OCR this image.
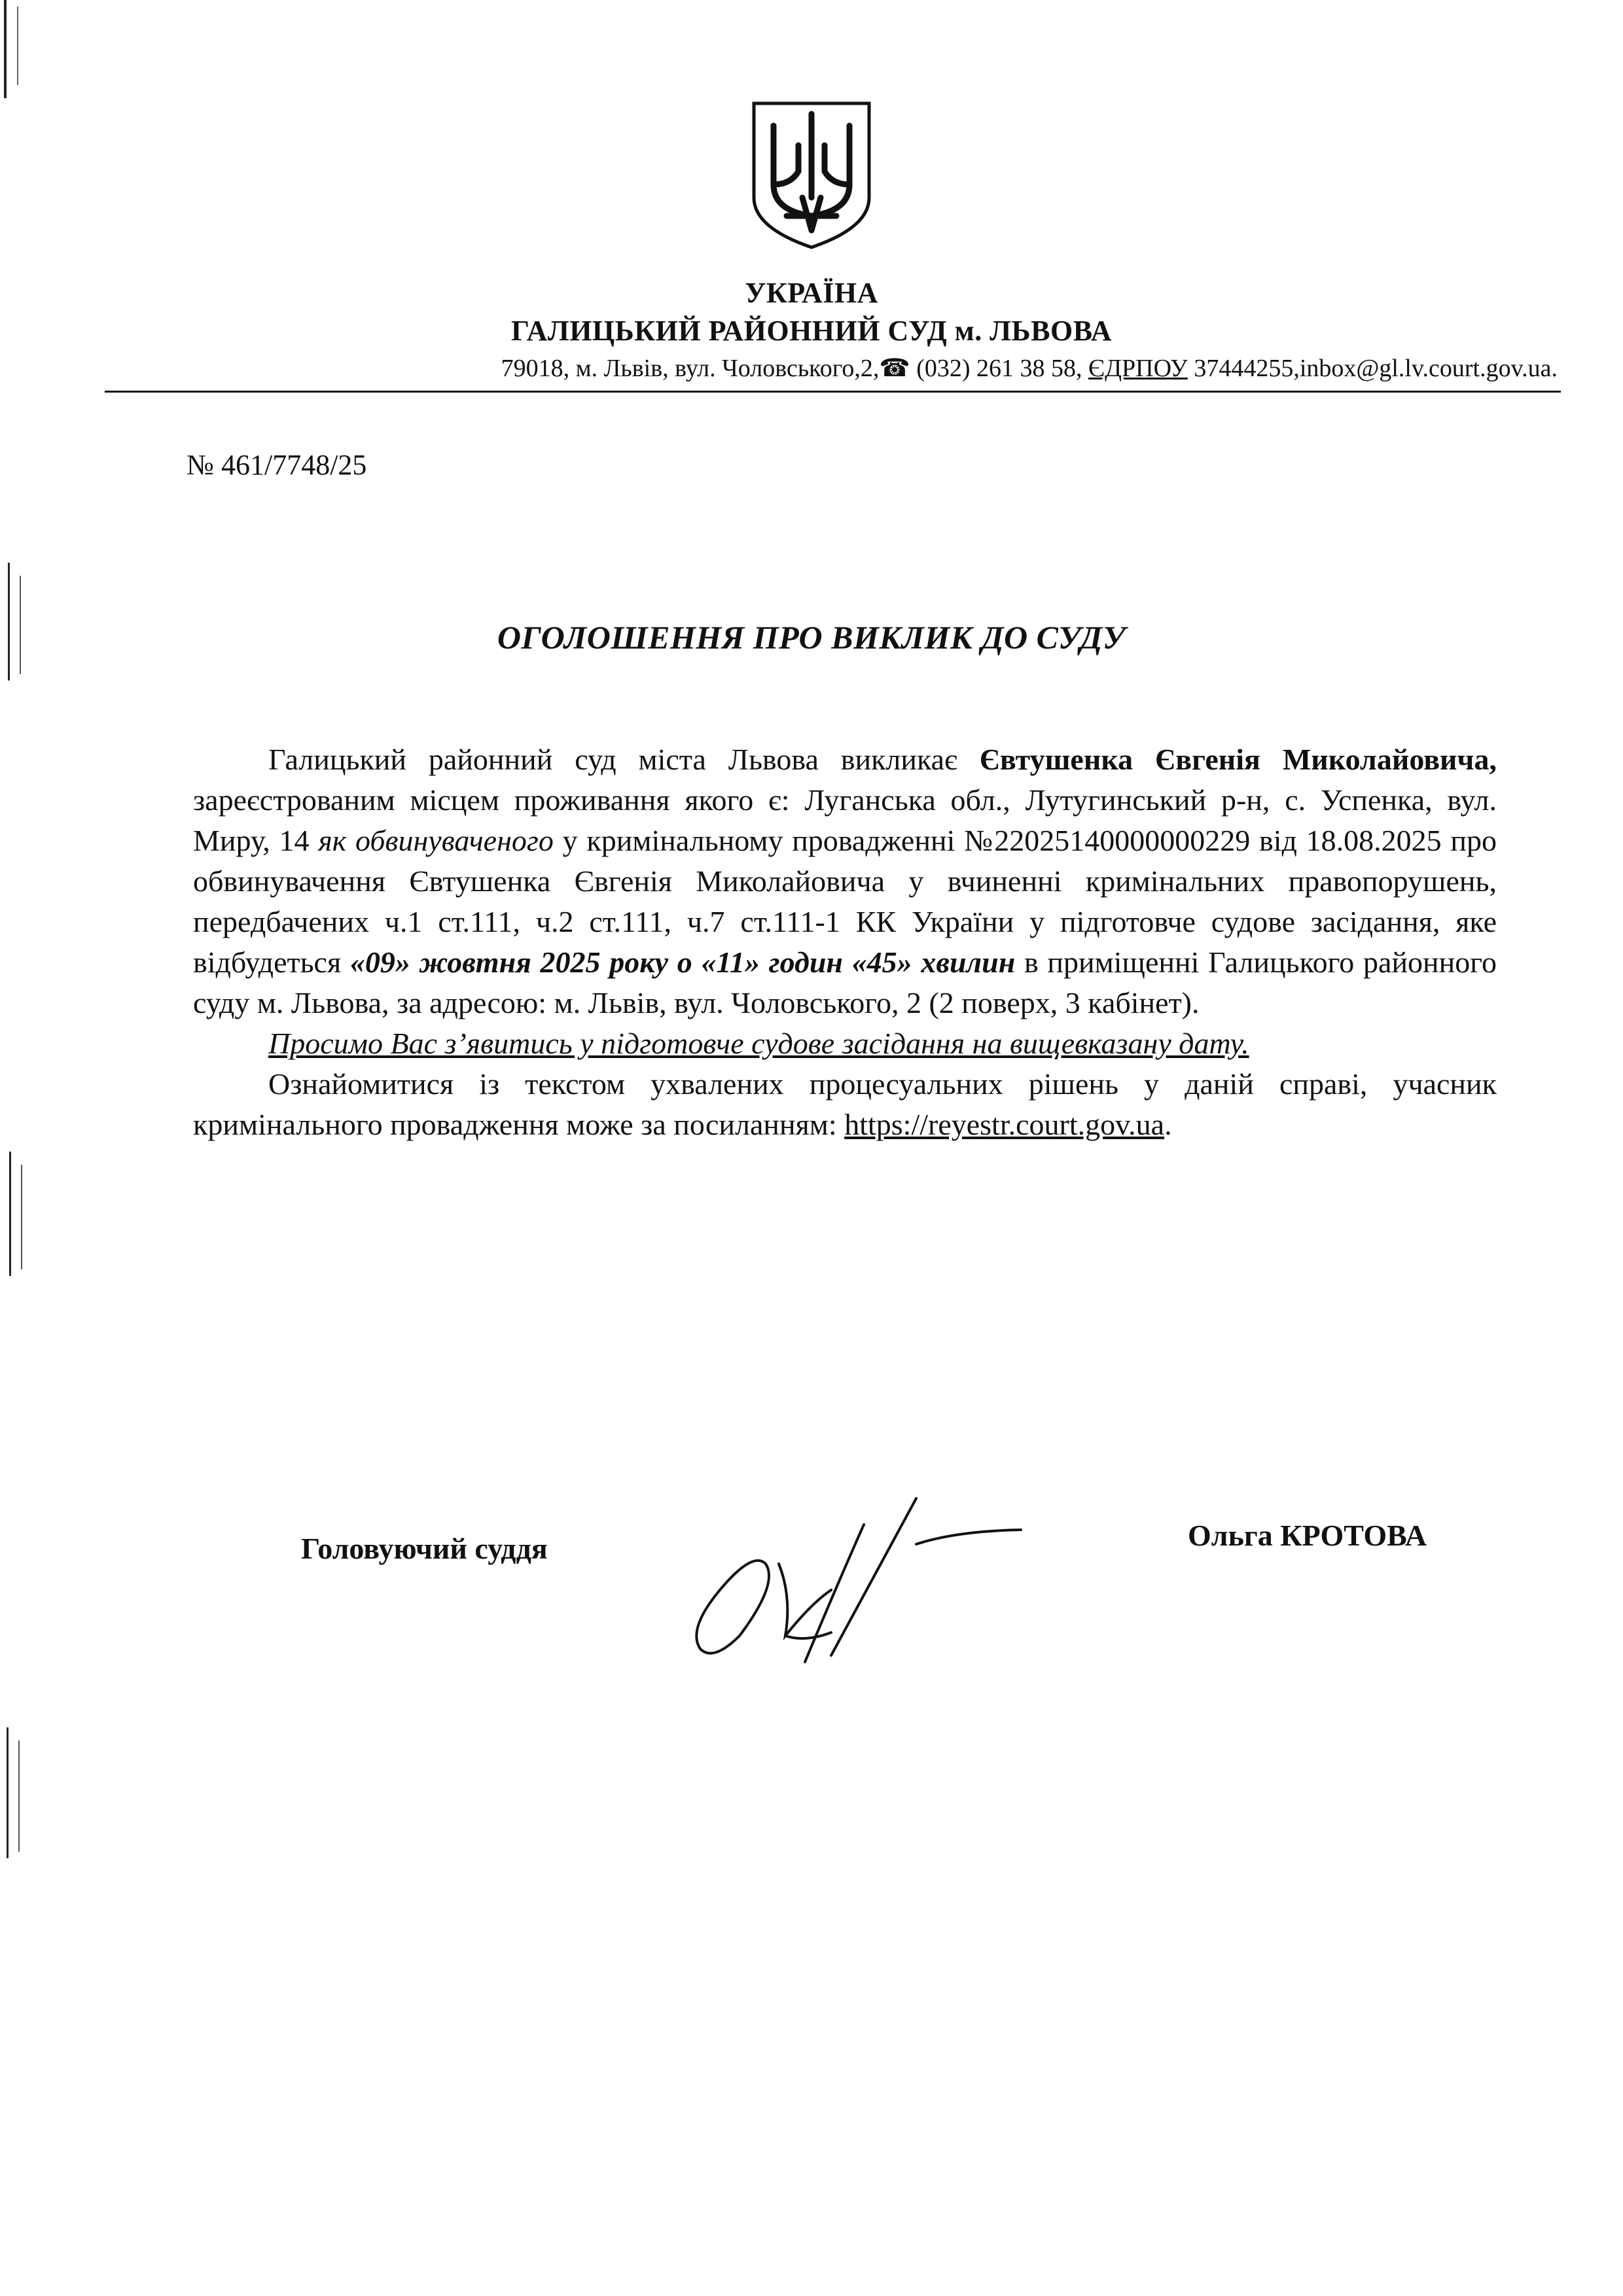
УКРАЇНА
ГАЛИЦЬКИЙ РАЙОННИЙ СУД м. ЛЬВОВА
79018, м. Львів, вул. Чоловського,2,☎ (032) 261 38 58, ЄДРПОУ 37444255,inbox@gl.lv.court.gov.ua.
№ 461/7748/25
ОГОЛОШЕННЯ ПРО ВИКЛИК ДО СУДУ

Галицький районний суд міста Львова викликає Євтушенка Євгенія Миколайовича, зареєстрованим місцем проживання якого є: Луганська обл., Лутугинський р-н, с. Успенка, вул. Миру, 14 як обвинуваченого у кримінальному провадженні №22025140000000229 від 18.08.2025 про обвинувачення Євтушенка Євгенія Миколайовича у вчиненні кримінальних правопорушень, передбачених ч.1 ст.111, ч.2 ст.111, ч.7 ст.111-1 КК України у підготовче судове засідання, яке відбудеться «09» жовтня 2025 року о «11» годин «45» хвилин в приміщенні Галицького районного суду м. Львова, за адресою: м. Львів, вул. Чоловського, 2 (2 поверх, 3 кабінет).

Просимо Вас з’явитись у підготовче судове засідання на вищевказану дату.

Ознайомитися із текстом ухвалених процесуальних рішень у даній справі, учасник кримінального провадження може за посиланням: https://reyestr.court.gov.ua.

Головуючий суддя	Ольга КРОТОВА
